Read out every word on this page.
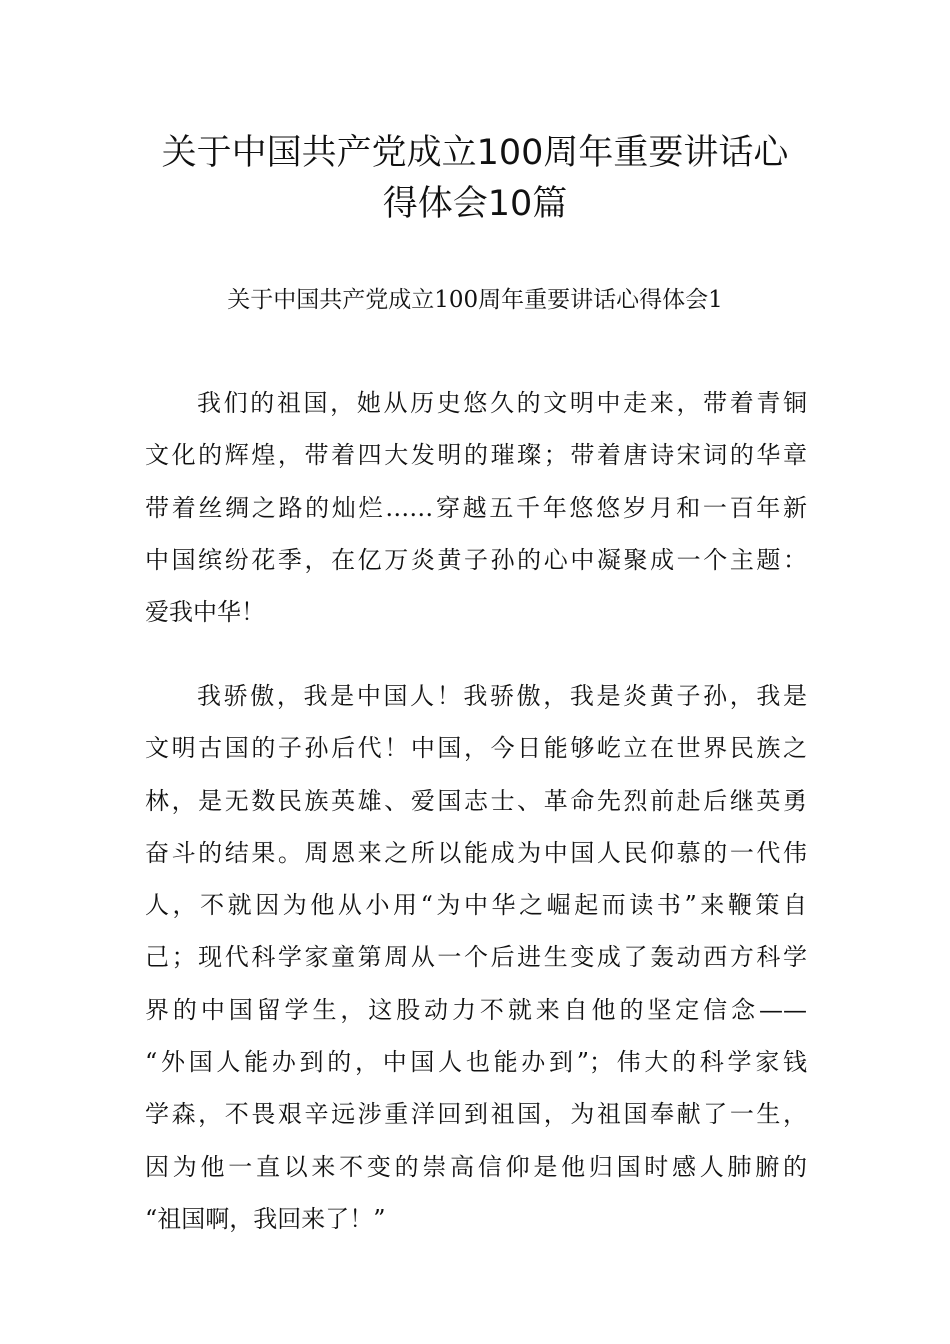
关于中国共产党成立100周年重要讲话心
得体会10篇
关于中国共产党成立100周年重要讲话心得体会1
我们的祖国，她从历史悠久的文明中走来，带着青铜
文化的辉煌，带着四大发明的璀璨；带着唐诗宋词的华章
带着丝绸之路的灿烂……穿越五千年悠悠岁月和一百年新
中国缤纷花季，在亿万炎黄子孙的心中凝聚成一个主题：
爱我中华！
我骄傲，我是中国人！我骄傲，我是炎黄子孙，我是
文明古国的子孙后代！中国，今日能够屹立在世界民族之
林，是无数民族英雄、爱国志士、革命先烈前赴后继英勇
奋斗的结果。周恩来之所以能成为中国人民仰慕的一代伟
人，不就因为他从小用“为中华之崛起而读书”来鞭策自
己；现代科学家童第周从一个后进生变成了轰动西方科学
界的中国留学生，这股动力不就来自他的坚定信念——
“外国人能办到的，中国人也能办到”；伟大的科学家钱
学森，不畏艰辛远涉重洋回到祖国，为祖国奉献了一生，
因为他一直以来不变的崇高信仰是他归国时感人肺腑的
“祖国啊，我回来了！”
